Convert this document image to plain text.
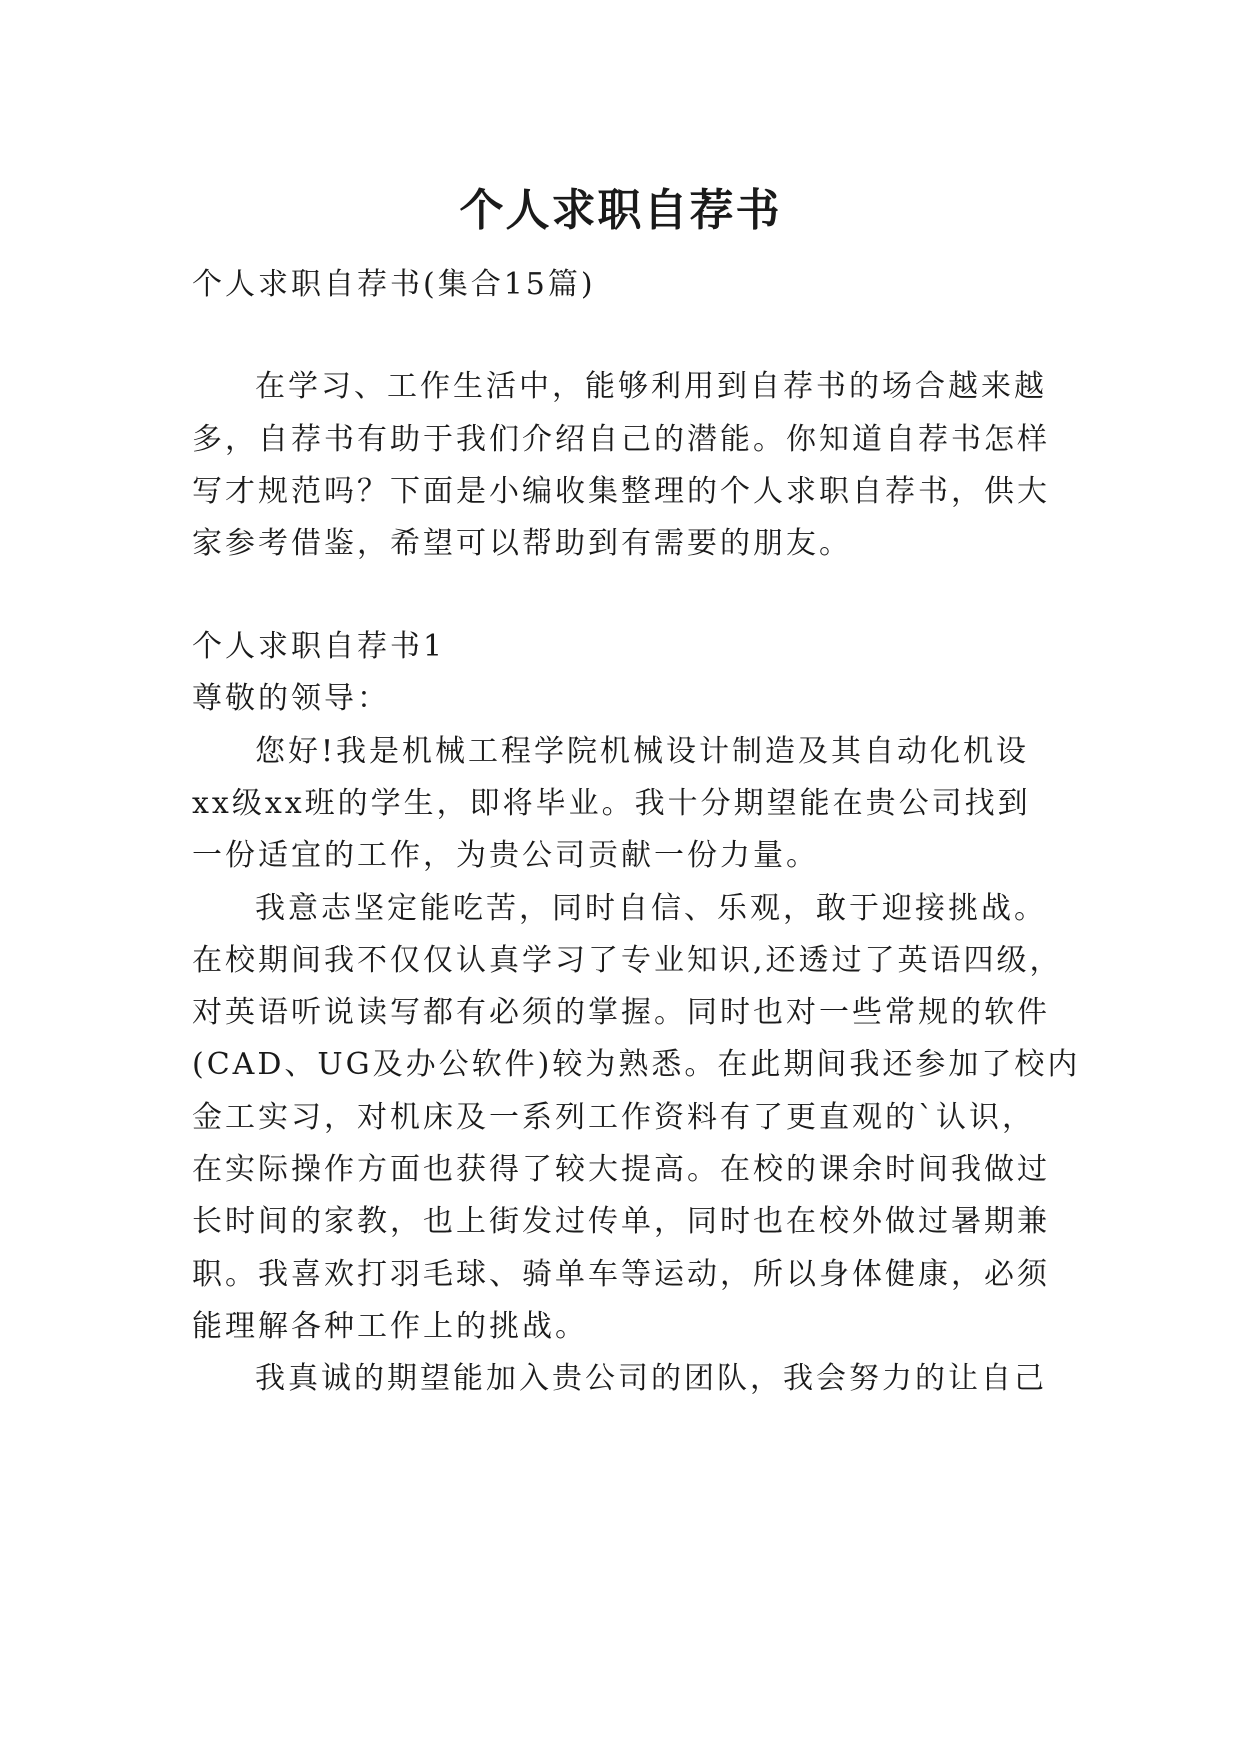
个人求职自荐书

个人求职自荐书(集合15篇)

在学习、工作生活中，能够利用到自荐书的场合越来越

多，自荐书有助于我们介绍自己的潜能。你知道自荐书怎样

写才规范吗？下面是小编收集整理的个人求职自荐书，供大

家参考借鉴，希望可以帮助到有需要的朋友。

个人求职自荐书1

尊敬的领导：

您好!我是机械工程学院机械设计制造及其自动化机设

xx级xx班的学生，即将毕业。我十分期望能在贵公司找到

一份适宜的工作，为贵公司贡献一份力量。

我意志坚定能吃苦，同时自信、乐观，敢于迎接挑战。

在校期间我不仅仅认真学习了专业知识,还透过了英语四级，

对英语听说读写都有必须的掌握。同时也对一些常规的软件

(CAD、UG及办公软件)较为熟悉。在此期间我还参加了校内

金工实习，对机床及一系列工作资料有了更直观的`认识，

在实际操作方面也获得了较大提高。在校的课余时间我做过

长时间的家教，也上街发过传单，同时也在校外做过暑期兼

职。我喜欢打羽毛球、骑单车等运动，所以身体健康，必须

能理解各种工作上的挑战。

我真诚的期望能加入贵公司的团队，我会努力的让自己
